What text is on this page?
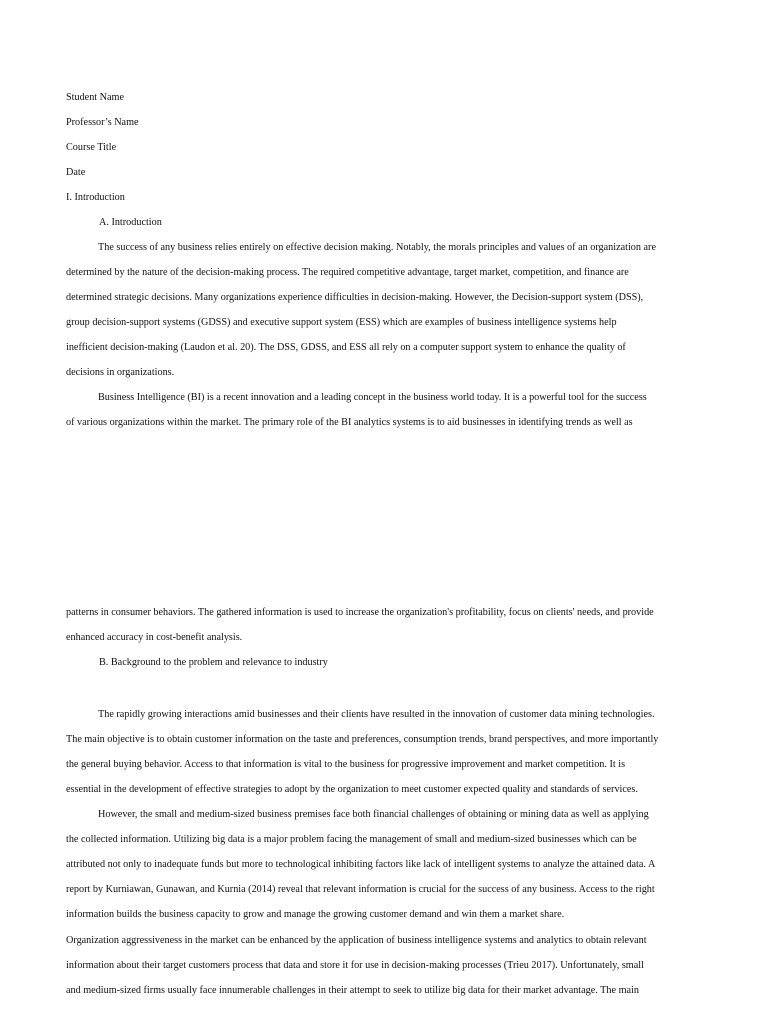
Student Name
Professor’s Name
Course Title
Date
I. Introduction
A. Introduction
The success of any business relies entirely on effective decision making. Notably, the morals principles and values of an organization are
determined by the nature of the decision-making process. The required competitive advantage, target market, competition, and finance are
determined strategic decisions. Many organizations experience difficulties in decision-making. However, the Decision-support system (DSS),
group decision-support systems (GDSS) and executive support system (ESS) which are examples of business intelligence systems help
inefficient decision-making (Laudon et al. 20). The DSS, GDSS, and ESS all rely on a computer support system to enhance the quality of
decisions in organizations.
Business Intelligence (BI) is a recent innovation and a leading concept in the business world today. It is a powerful tool for the success
of various organizations within the market. The primary role of the BI analytics systems is to aid businesses in identifying trends as well as
patterns in consumer behaviors. The gathered information is used to increase the organization's profitability, focus on clients' needs, and provide
enhanced accuracy in cost-benefit analysis.
B. Background to the problem and relevance to industry
The rapidly growing interactions amid businesses and their clients have resulted in the innovation of customer data mining technologies.
The main objective is to obtain customer information on the taste and preferences, consumption trends, brand perspectives, and more importantly
the general buying behavior. Access to that information is vital to the business for progressive improvement and market competition. It is
essential in the development of effective strategies to adopt by the organization to meet customer expected quality and standards of services.
However, the small and medium-sized business premises face both financial challenges of obtaining or mining data as well as applying
the collected information. Utilizing big data is a major problem facing the management of small and medium-sized businesses which can be
attributed not only to inadequate funds but more to technological inhibiting factors like lack of intelligent systems to analyze the attained data. A
report by Kurniawan, Gunawan, and Kurnia (2014) reveal that relevant information is crucial for the success of any business. Access to the right
information builds the business capacity to grow and manage the growing customer demand and win them a market share.
Organization aggressiveness in the market can be enhanced by the application of business intelligence systems and analytics to obtain relevant
information about their target customers process that data and store it for use in decision-making processes (Trieu 2017). Unfortunately, small
and medium-sized firms usually face innumerable challenges in their attempt to seek to utilize big data for their market advantage. The main
